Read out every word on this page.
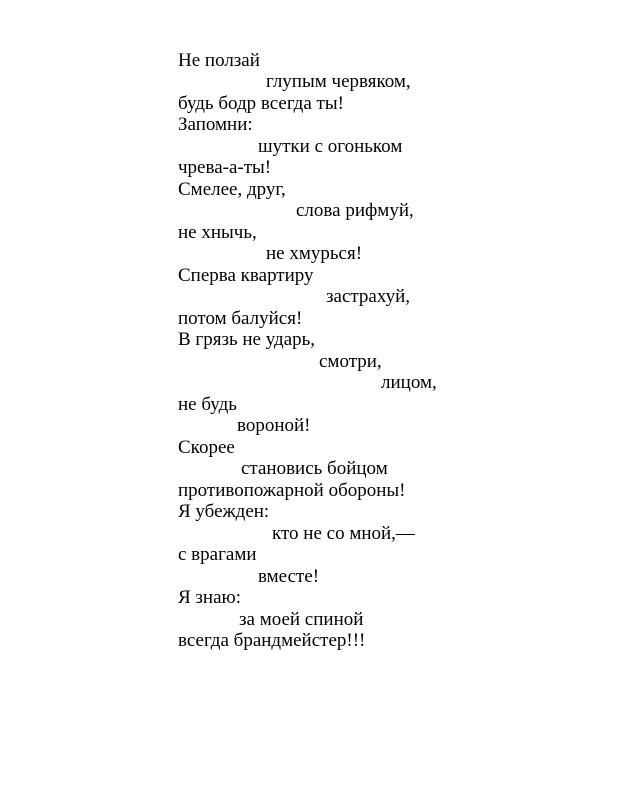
Не ползай
глупым червяком,
будь бодр всегда ты!
Запомни:
шутки с огоньком
чрева-а-ты!
Смелее, друг,
слова рифмуй,
не хнычь,
не хмурься!
Сперва квартиру
застрахуй,
потом балуйся!
В грязь не ударь,
смотри,
лицом,
не будь
вороной!
Скорее
становись бойцом
противопожарной обороны!
Я убежден:
кто не со мной,—
с врагами
вместе!
Я знаю:
за моей спиной
всегда брандмейстер!!!
